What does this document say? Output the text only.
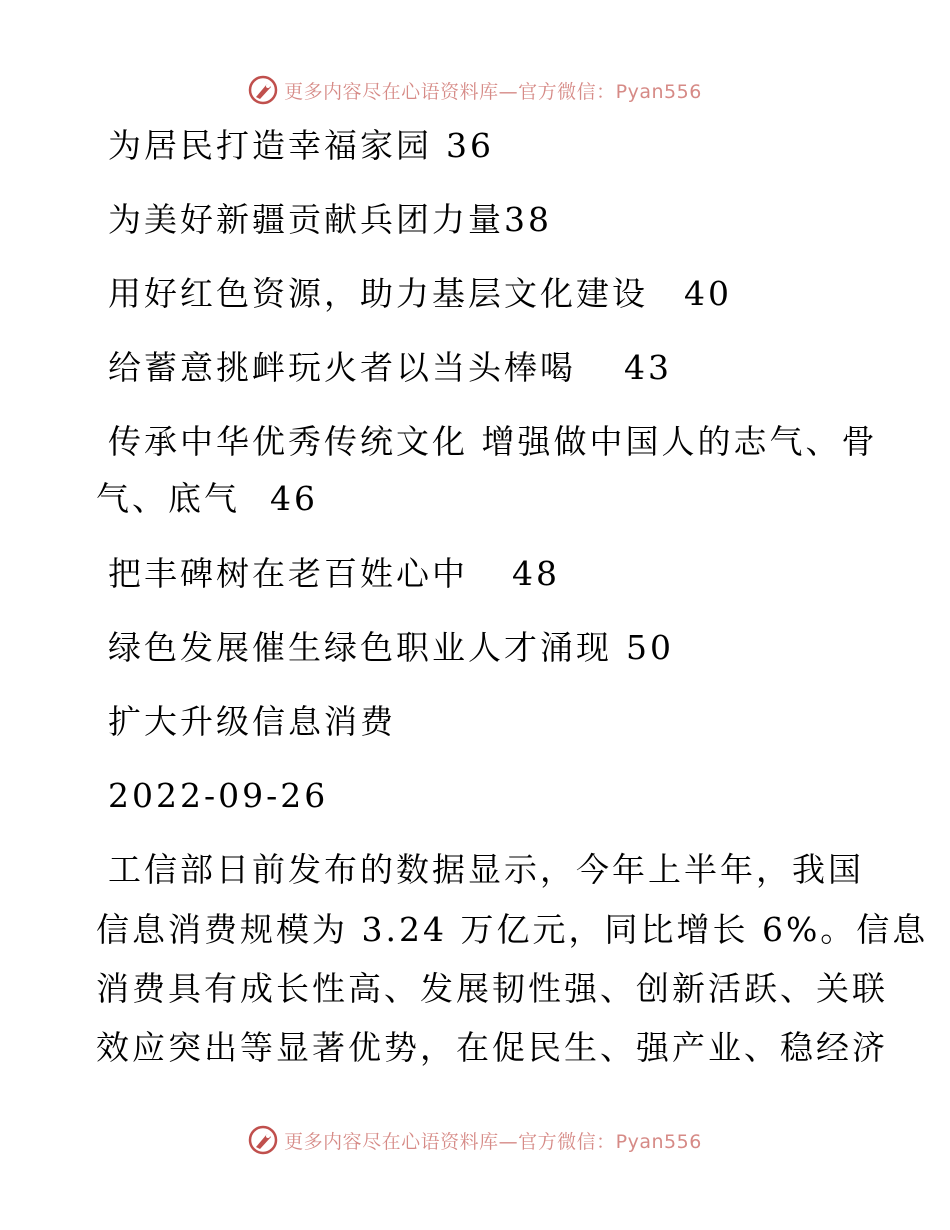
更多内容尽在心语资料库—官方微信：Pyan556
为居民打造幸福家园 36
为美好新疆贡献兵团力量38
用好红色资源，助力基层文化建设 40
给蓄意挑衅玩火者以当头棒喝 43
传承中华优秀传统文化 增强做中国人的志气、骨
气、底气 46
把丰碑树在老百姓心中 48
绿色发展催生绿色职业人才涌现 50
扩大升级信息消费
2022-09-26
工信部日前发布的数据显示，今年上半年，我国
信息消费规模为 3.24 万亿元，同比增长 6%。信息
消费具有成长性高、发展韧性强、创新活跃、关联
效应突出等显著优势，在促民生、强产业、稳经济
更多内容尽在心语资料库—官方微信：Pyan556
